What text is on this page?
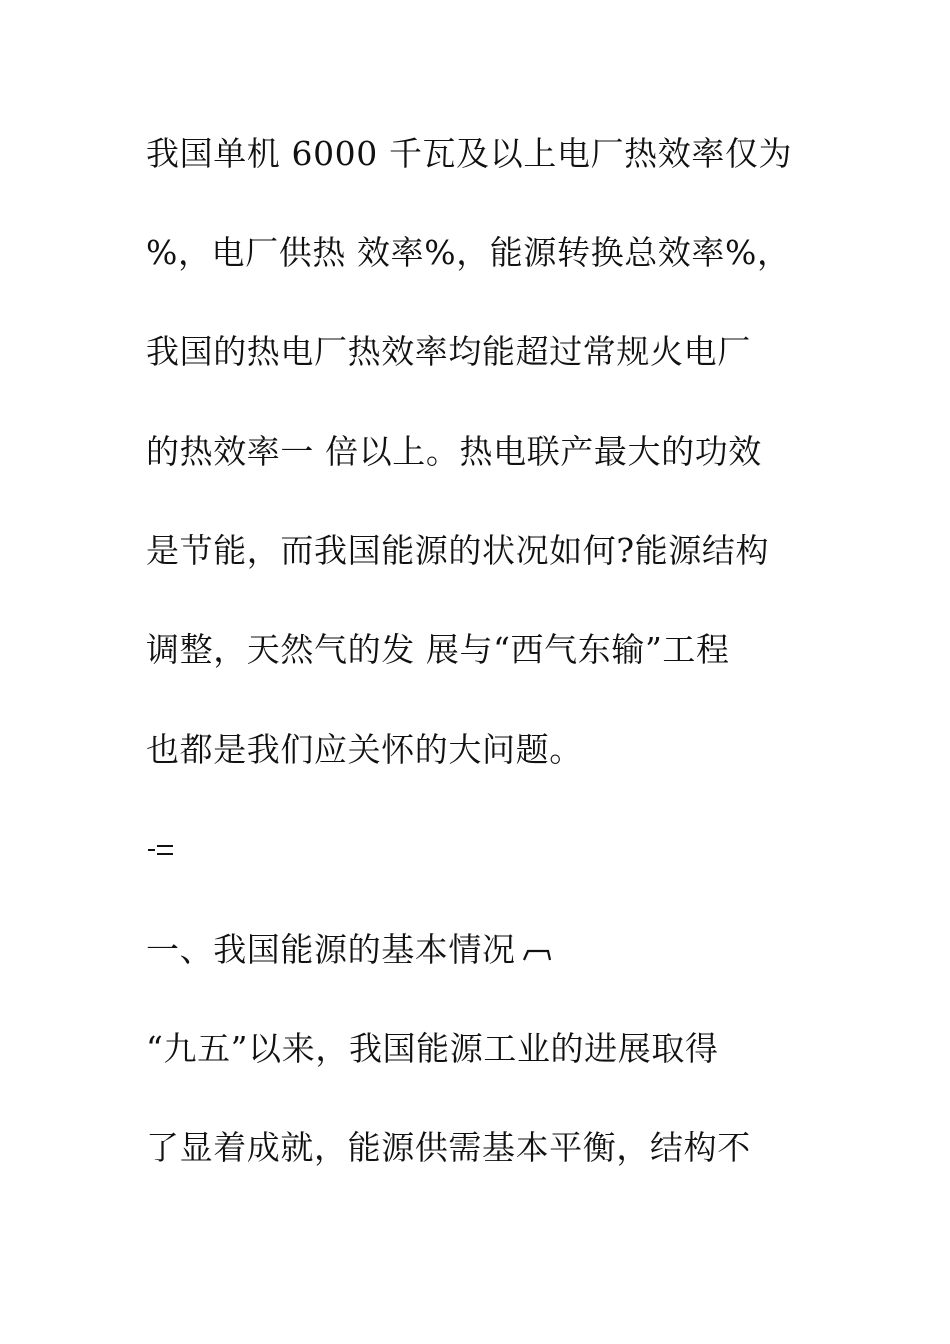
我国单机 6000 千瓦及以上电厂热效率仅为
%，电厂供热 效率%，能源转换总效率%，
我国的热电厂热效率均能超过常规火电厂
的热效率一 倍以上。热电联产最大的功效
是节能，而我国能源的状况如何?能源结构
调整，天然气的发 展与“西气东输”工程
也都是我们应关怀的大问题。
一、我国能源的基本情况
“九五”以来，我国能源工业的进展取得
了显着成就，能源供需基本平衡，结构不
